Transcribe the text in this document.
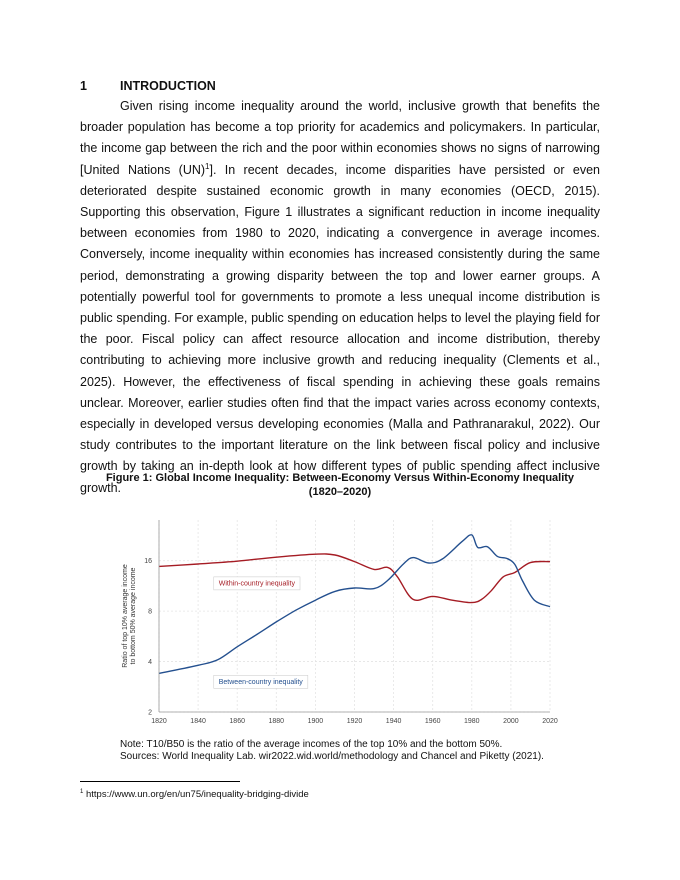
1	INTRODUCTION

Given rising income inequality around the world, inclusive growth that benefits the broader population has become a top priority for academics and policymakers. In particular, the income gap between the rich and the poor within economies shows no signs of narrowing [United Nations (UN)$^1$]. In recent decades, income disparities have persisted or even deteriorated despite sustained economic growth in many economies (OECD, 2015). Supporting this observation, Figure 1 illustrates a significant reduction in income inequality between economies from 1980 to 2020, indicating a convergence in average incomes. Conversely, income inequality within economies has increased consistently during the same period, demonstrating a growing disparity between the top and lower earner groups. A potentially powerful tool for governments to promote a less unequal income distribution is public spending. For example, public spending on education helps to level the playing field for the poor. Fiscal policy can affect resource allocation and income distribution, thereby contributing to achieving more inclusive growth and reducing inequality (Clements et al., 2025). However, the effectiveness of fiscal spending in achieving these goals remains unclear. Moreover, earlier studies often find that the impact varies across economy contexts, especially in developed versus developing economies (Malla and Pathranarakul, 2022). Our study contributes to the important literature on the link between fiscal policy and inclusive growth by taking an in-depth look at how different types of public spending affect inclusive growth.

Figure 1: Global Income Inequality: Between-Economy Versus Within-Economy Inequality
(1820–2020)
Within-country inequality
Between-country inequality
1820	1840	1860	1880	1900	1920	1940	1960	1980	2000	2020
2
4
8
16
Ratio of top 10% average incometo bottom 50% average income
Note: T10/B50 is the ratio of the average incomes of the top 10% and the bottom 50%.
Sources: World Inequality Lab. wir2022.wid.world/methodology and Chancel and Piketty (2021).
$^1$ https://www.un.org/en/un75/inequality-bridging-divide
